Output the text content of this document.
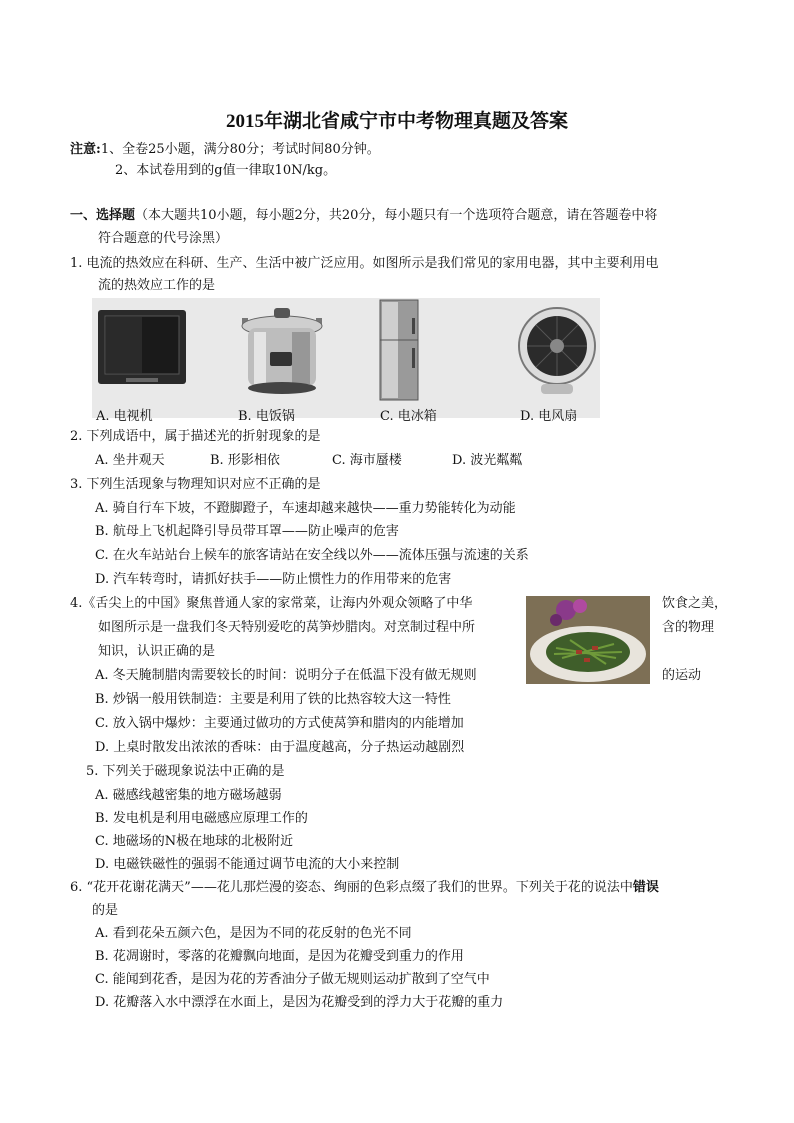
2015年湖北省咸宁市中考物理真题及答案
注意:1、全卷25小题，满分80分；考试时间80分钟。
2、本试卷用到的g值一律取10N/kg。
一、选择题（本大题共10小题，每小题2分，共20分，每小题只有一个选项符合题意，请在答题卷中将
符合题意的代号涂黑）
1. 电流的热效应在科研、生产、生活中被广泛应用。如图所示是我们常见的家用电器，其中主要利用电
流的热效应工作的是
A. 电视机	B. 电饭锅	C. 电冰箱	D. 电风扇
2. 下列成语中，属于描述光的折射现象的是
A. 坐井观天	B. 形影相依	C. 海市蜃楼	D. 波光粼粼
3. 下列生活现象与物理知识对应不正确的是
A. 骑自行车下坡，不蹬脚蹬子，车速却越来越快——重力势能转化为动能
B. 航母上飞机起降引导员带耳罩——防止噪声的危害
C. 在火车站站台上候车的旅客请站在安全线以外——流体压强与流速的关系
D. 汽车转弯时，请抓好扶手——防止惯性力的作用带来的危害
4.《舌尖上的中国》聚焦普通人家的家常菜，让海内外观众领略了中华	饮食之美，
如图所示是一盘我们冬天特别爱吃的莴笋炒腊肉。对烹制过程中所	含的物理
知识，认识正确的是
A. 冬天腌制腊肉需要较长的时间：说明分子在低温下没有做无规则	的运动
B. 炒锅一般用铁制造：主要是利用了铁的比热容较大这一特性
C. 放入锅中爆炒：主要通过做功的方式使莴笋和腊肉的内能增加
D. 上桌时散发出浓浓的香味：由于温度越高，分子热运动越剧烈
5. 下列关于磁现象说法中正确的是
A. 磁感线越密集的地方磁场越弱
B. 发电机是利用电磁感应原理工作的
C. 地磁场的N极在地球的北极附近
D. 电磁铁磁性的强弱不能通过调节电流的大小来控制
6. “花开花谢花满天”——花儿那烂漫的姿态、绚丽的色彩点缀了我们的世界。下列关于花的说法中错误
的是
A. 看到花朵五颜六色，是因为不同的花反射的色光不同
B. 花凋谢时，零落的花瓣飘向地面，是因为花瓣受到重力的作用
C. 能闻到花香，是因为花的芳香油分子做无规则运动扩散到了空气中
D. 花瓣落入水中漂浮在水面上，是因为花瓣受到的浮力大于花瓣的重力
